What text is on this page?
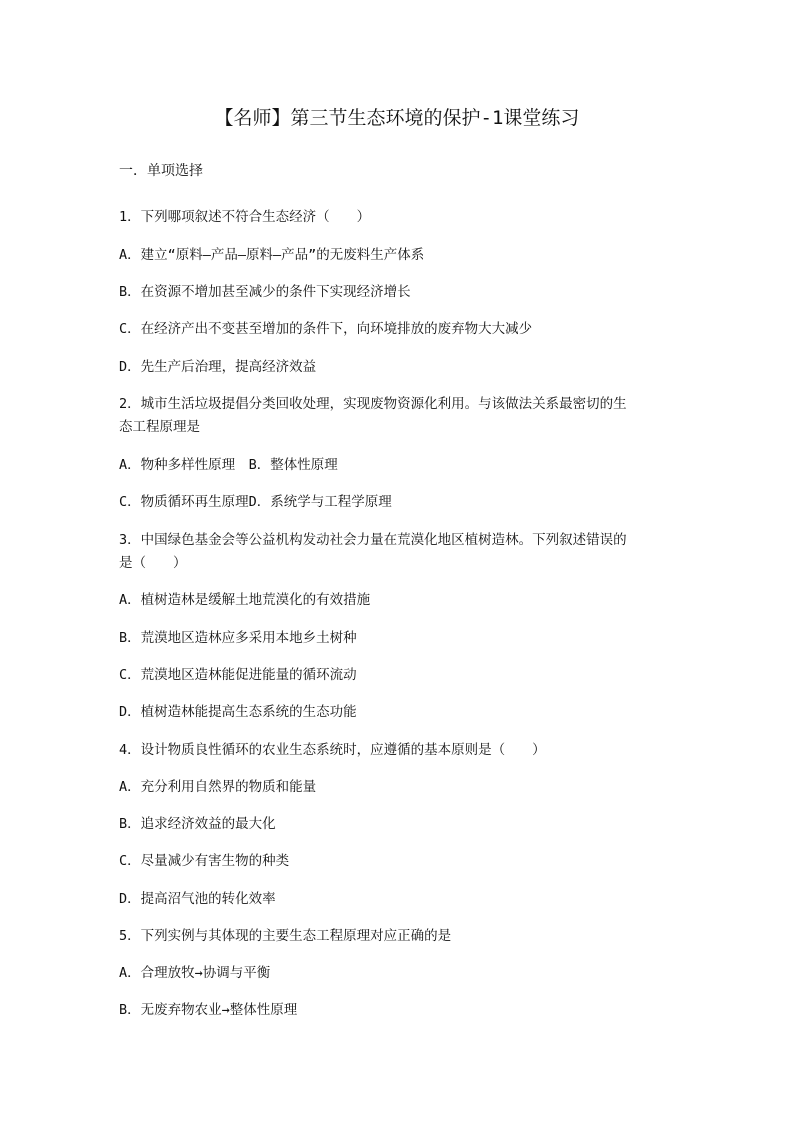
【名师】第三节生态环境的保护-1课堂练习
一．单项选择
1．下列哪项叙述不符合生态经济（　　）
A．建立“原料—产品—原料—产品”的无废料生产体系
B．在资源不增加甚至减少的条件下实现经济增长
C．在经济产出不变甚至增加的条件下，向环境排放的废弃物大大减少
D．先生产后治理，提高经济效益
2．城市生活垃圾提倡分类回收处理，实现废物资源化利用。与该做法关系最密切的生
态工程原理是
A．物种多样性原理　B．整体性原理
C．物质循环再生原理D．系统学与工程学原理
3．中国绿色基金会等公益机构发动社会力量在荒漠化地区植树造林。下列叙述错误的
是（　　）
A．植树造林是缓解土地荒漠化的有效措施
B．荒漠地区造林应多采用本地乡土树种
C．荒漠地区造林能促进能量的循环流动
D．植树造林能提高生态系统的生态功能
4．设计物质良性循环的农业生态系统时，应遵循的基本原则是（　　）
A．充分利用自然界的物质和能量
B．追求经济效益的最大化
C．尽量减少有害生物的种类
D．提高沼气池的转化效率
5．下列实例与其体现的主要生态工程原理对应正确的是
A．合理放牧→协调与平衡
B．无废弃物农业→整体性原理
